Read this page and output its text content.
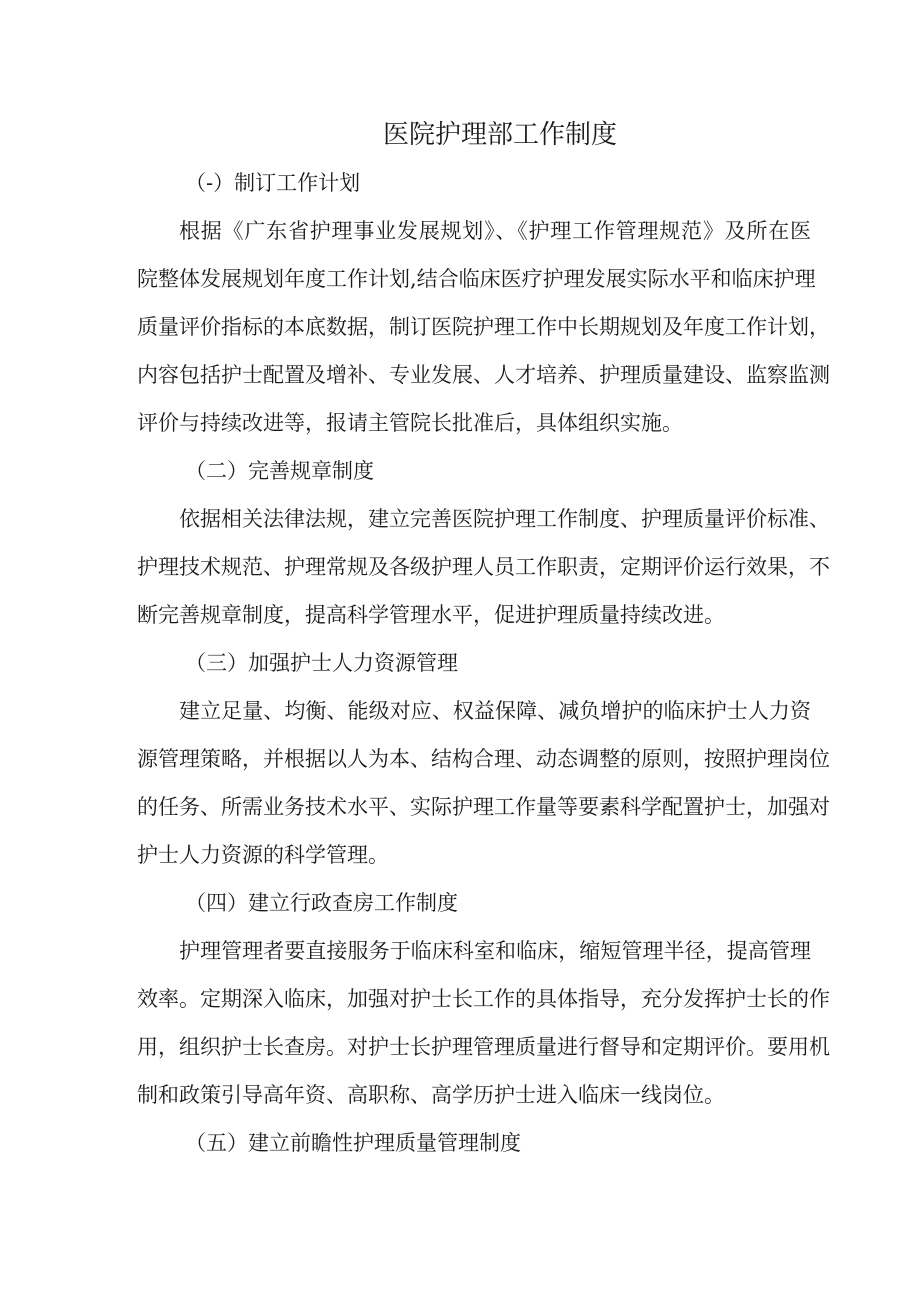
医院护理部工作制度
（-）制订工作计划
根据《广东省护理事业发展规划》、《护理工作管理规范》及所在医
院整体发展规划年度工作计划,结合临床医疗护理发展实际水平和临床护理
质量评价指标的本底数据，制订医院护理工作中长期规划及年度工作计划，
内容包括护士配置及增补、专业发展、人才培养、护理质量建设、监察监测
评价与持续改进等，报请主管院长批准后，具体组织实施。
（二）完善规章制度
依据相关法律法规，建立完善医院护理工作制度、护理质量评价标准、
护理技术规范、护理常规及各级护理人员工作职责，定期评价运行效果，不
断完善规章制度，提高科学管理水平，促进护理质量持续改进。
（三）加强护士人力资源管理
建立足量、均衡、能级对应、权益保障、减负增护的临床护士人力资
源管理策略，并根据以人为本、结构合理、动态调整的原则，按照护理岗位
的任务、所需业务技术水平、实际护理工作量等要素科学配置护士，加强对
护士人力资源的科学管理。
（四）建立行政查房工作制度
护理管理者要直接服务于临床科室和临床，缩短管理半径，提高管理
效率。定期深入临床，加强对护士长工作的具体指导，充分发挥护士长的作
用，组织护士长查房。对护士长护理管理质量进行督导和定期评价。要用机
制和政策引导高年资、高职称、高学历护士进入临床一线岗位。
（五）建立前瞻性护理质量管理制度
